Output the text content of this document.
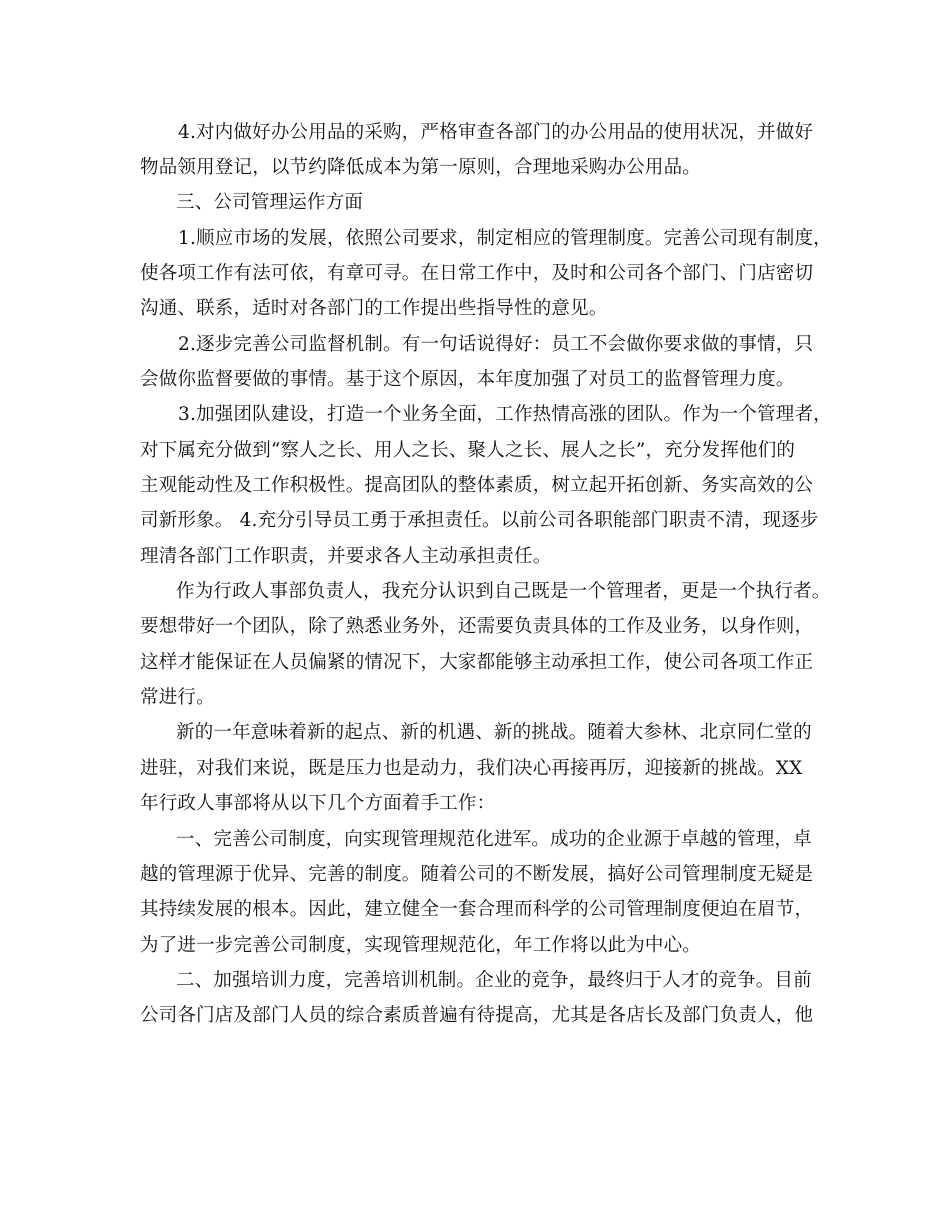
4.对内做好办公用品的采购，严格审查各部门的办公用品的使用状况，并做好
物品领用登记，以节约降低成本为第一原则，合理地采购办公用品。
三、公司管理运作方面
1.顺应市场的发展，依照公司要求，制定相应的管理制度。完善公司现有制度，
使各项工作有法可依，有章可寻。在日常工作中，及时和公司各个部门、门店密切
沟通、联系，适时对各部门的工作提出些指导性的意见。
2.逐步完善公司监督机制。有一句话说得好：员工不会做你要求做的事情，只
会做你监督要做的事情。基于这个原因，本年度加强了对员工的监督管理力度。
3.加强团队建设，打造一个业务全面，工作热情高涨的团队。作为一个管理者，
对下属充分做到“察人之长、用人之长、聚人之长、展人之长”，充分发挥他们的
主观能动性及工作积极性。提高团队的整体素质，树立起开拓创新、务实高效的公
司新形象。 4.充分引导员工勇于承担责任。以前公司各职能部门职责不清，现逐步
理清各部门工作职责，并要求各人主动承担责任。
作为行政人事部负责人，我充分认识到自己既是一个管理者，更是一个执行者。
要想带好一个团队，除了熟悉业务外，还需要负责具体的工作及业务，以身作则，
这样才能保证在人员偏紧的情况下，大家都能够主动承担工作，使公司各项工作正
常进行。
新的一年意味着新的起点、新的机遇、新的挑战。随着大参林、北京同仁堂的
进驻，对我们来说，既是压力也是动力，我们决心再接再厉，迎接新的挑战。XX
年行政人事部将从以下几个方面着手工作：
一、完善公司制度，向实现管理规范化进军。成功的企业源于卓越的管理，卓
越的管理源于优异、完善的制度。随着公司的不断发展，搞好公司管理制度无疑是
其持续发展的根本。因此，建立健全一套合理而科学的公司管理制度便迫在眉节，
为了进一步完善公司制度，实现管理规范化，年工作将以此为中心。
二、加强培训力度，完善培训机制。企业的竞争，最终归于人才的竞争。目前
公司各门店及部门人员的综合素质普遍有待提高，尤其是各店长及部门负责人，他
